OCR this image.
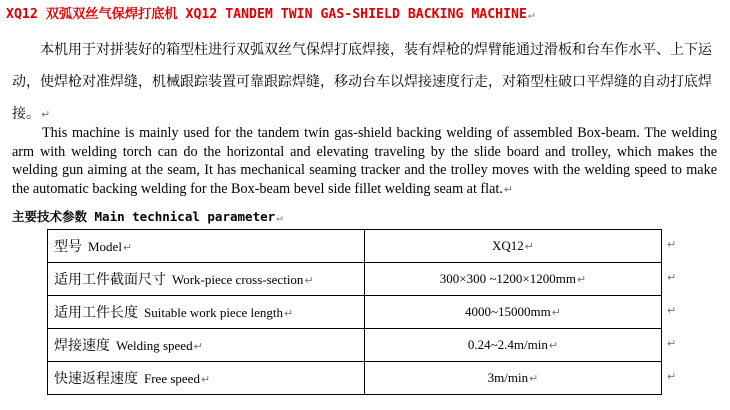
XQ12 双弧双丝气保焊打底机 XQ12 TANDEM TWIN GAS-SHIELD BACKING MACHINE↵
本机用于对拼装好的箱型柱进行双弧双丝气保焊打底焊接，装有焊枪的焊臂能通过滑板和台车作水平、上下运动，使焊枪对准焊缝，机械跟踪装置可靠跟踪焊缝，移动台车以焊接速度行走，对箱型柱破口平焊缝的自动打底焊接。↵
This machine is mainly used for the tandem twin gas-shield backing welding of assembled Box-beam. The welding arm with welding torch can do the horizontal and elevating traveling by the slide board and trolley, which makes the welding gun aiming at the seam, It has mechanical seaming tracker and the trolley moves with the welding speed to make the automatic backing welding for the Box-beam bevel side fillet welding seam at flat.↵
主要技术参数 Main technical parameter↵
型号 Model↵	XQ12↵
适用工件截面尺寸 Work-piece cross-section↵	300×300 ~1200×1200mm↵
适用工件长度 Suitable work piece length↵	4000~15000mm↵
焊接速度 Welding speed↵	0.24~2.4m/min↵
快速返程速度 Free speed↵	3m/min↵
↵
↵
↵
↵
↵
